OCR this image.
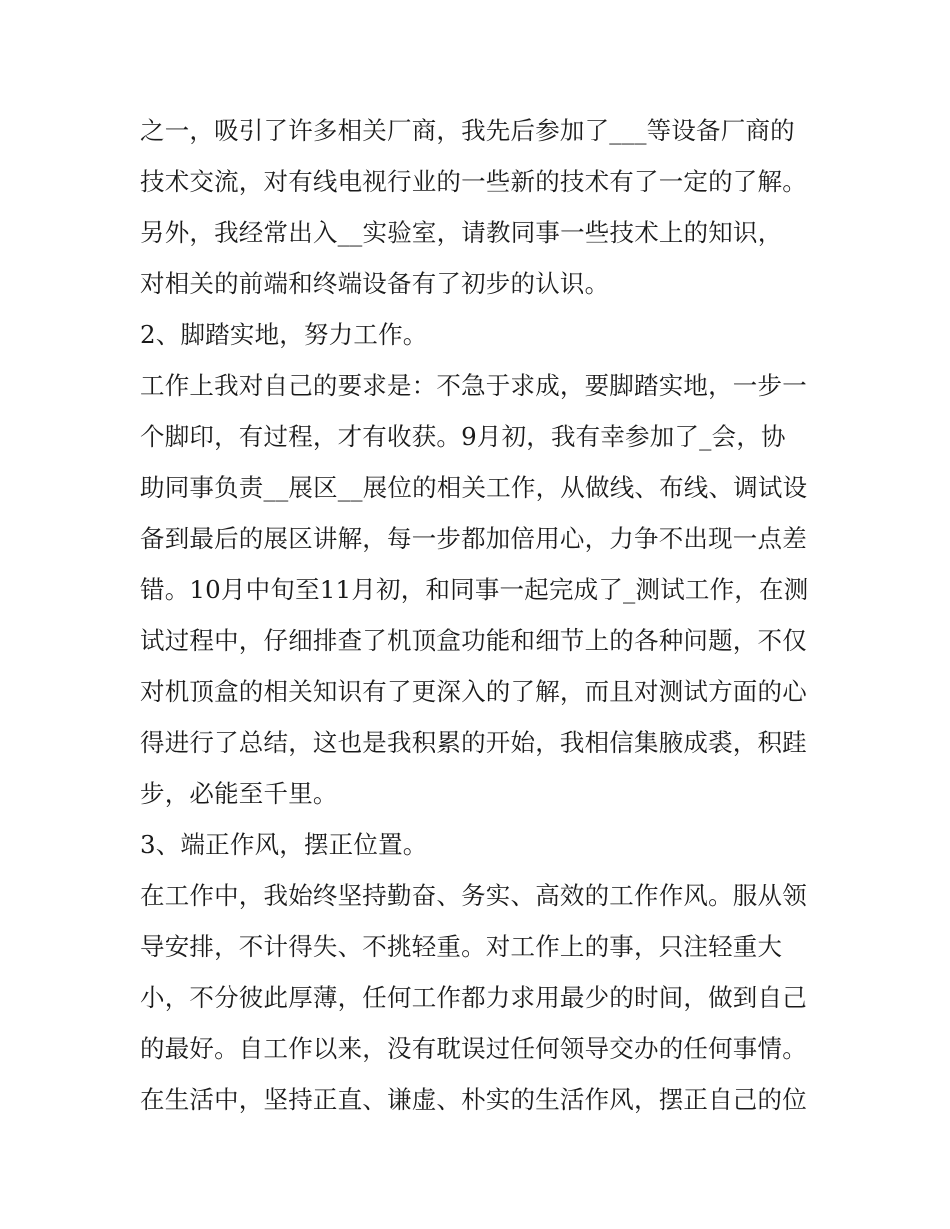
之一，吸引了许多相关厂商，我先后参加了___等设备厂商的
技术交流，对有线电视行业的一些新的技术有了一定的了解。
另外，我经常出入__实验室，请教同事一些技术上的知识，
对相关的前端和终端设备有了初步的认识。
2、脚踏实地，努力工作。
工作上我对自己的要求是：不急于求成，要脚踏实地，一步一
个脚印，有过程，才有收获。9月初，我有幸参加了_会，协
助同事负责__展区__展位的相关工作，从做线、布线、调试设
备到最后的展区讲解，每一步都加倍用心，力争不出现一点差
错。10月中旬至11月初，和同事一起完成了_测试工作，在测
试过程中，仔细排查了机顶盒功能和细节上的各种问题，不仅
对机顶盒的相关知识有了更深入的了解，而且对测试方面的心
得进行了总结，这也是我积累的开始，我相信集腋成裘，积跬
步，必能至千里。
3、端正作风，摆正位置。
在工作中，我始终坚持勤奋、务实、高效的工作作风。服从领
导安排，不计得失、不挑轻重。对工作上的事，只注轻重大
小，不分彼此厚薄，任何工作都力求用最少的时间，做到自己
的最好。自工作以来，没有耽误过任何领导交办的任何事情。
在生活中，坚持正直、谦虚、朴实的生活作风，摆正自己的位
